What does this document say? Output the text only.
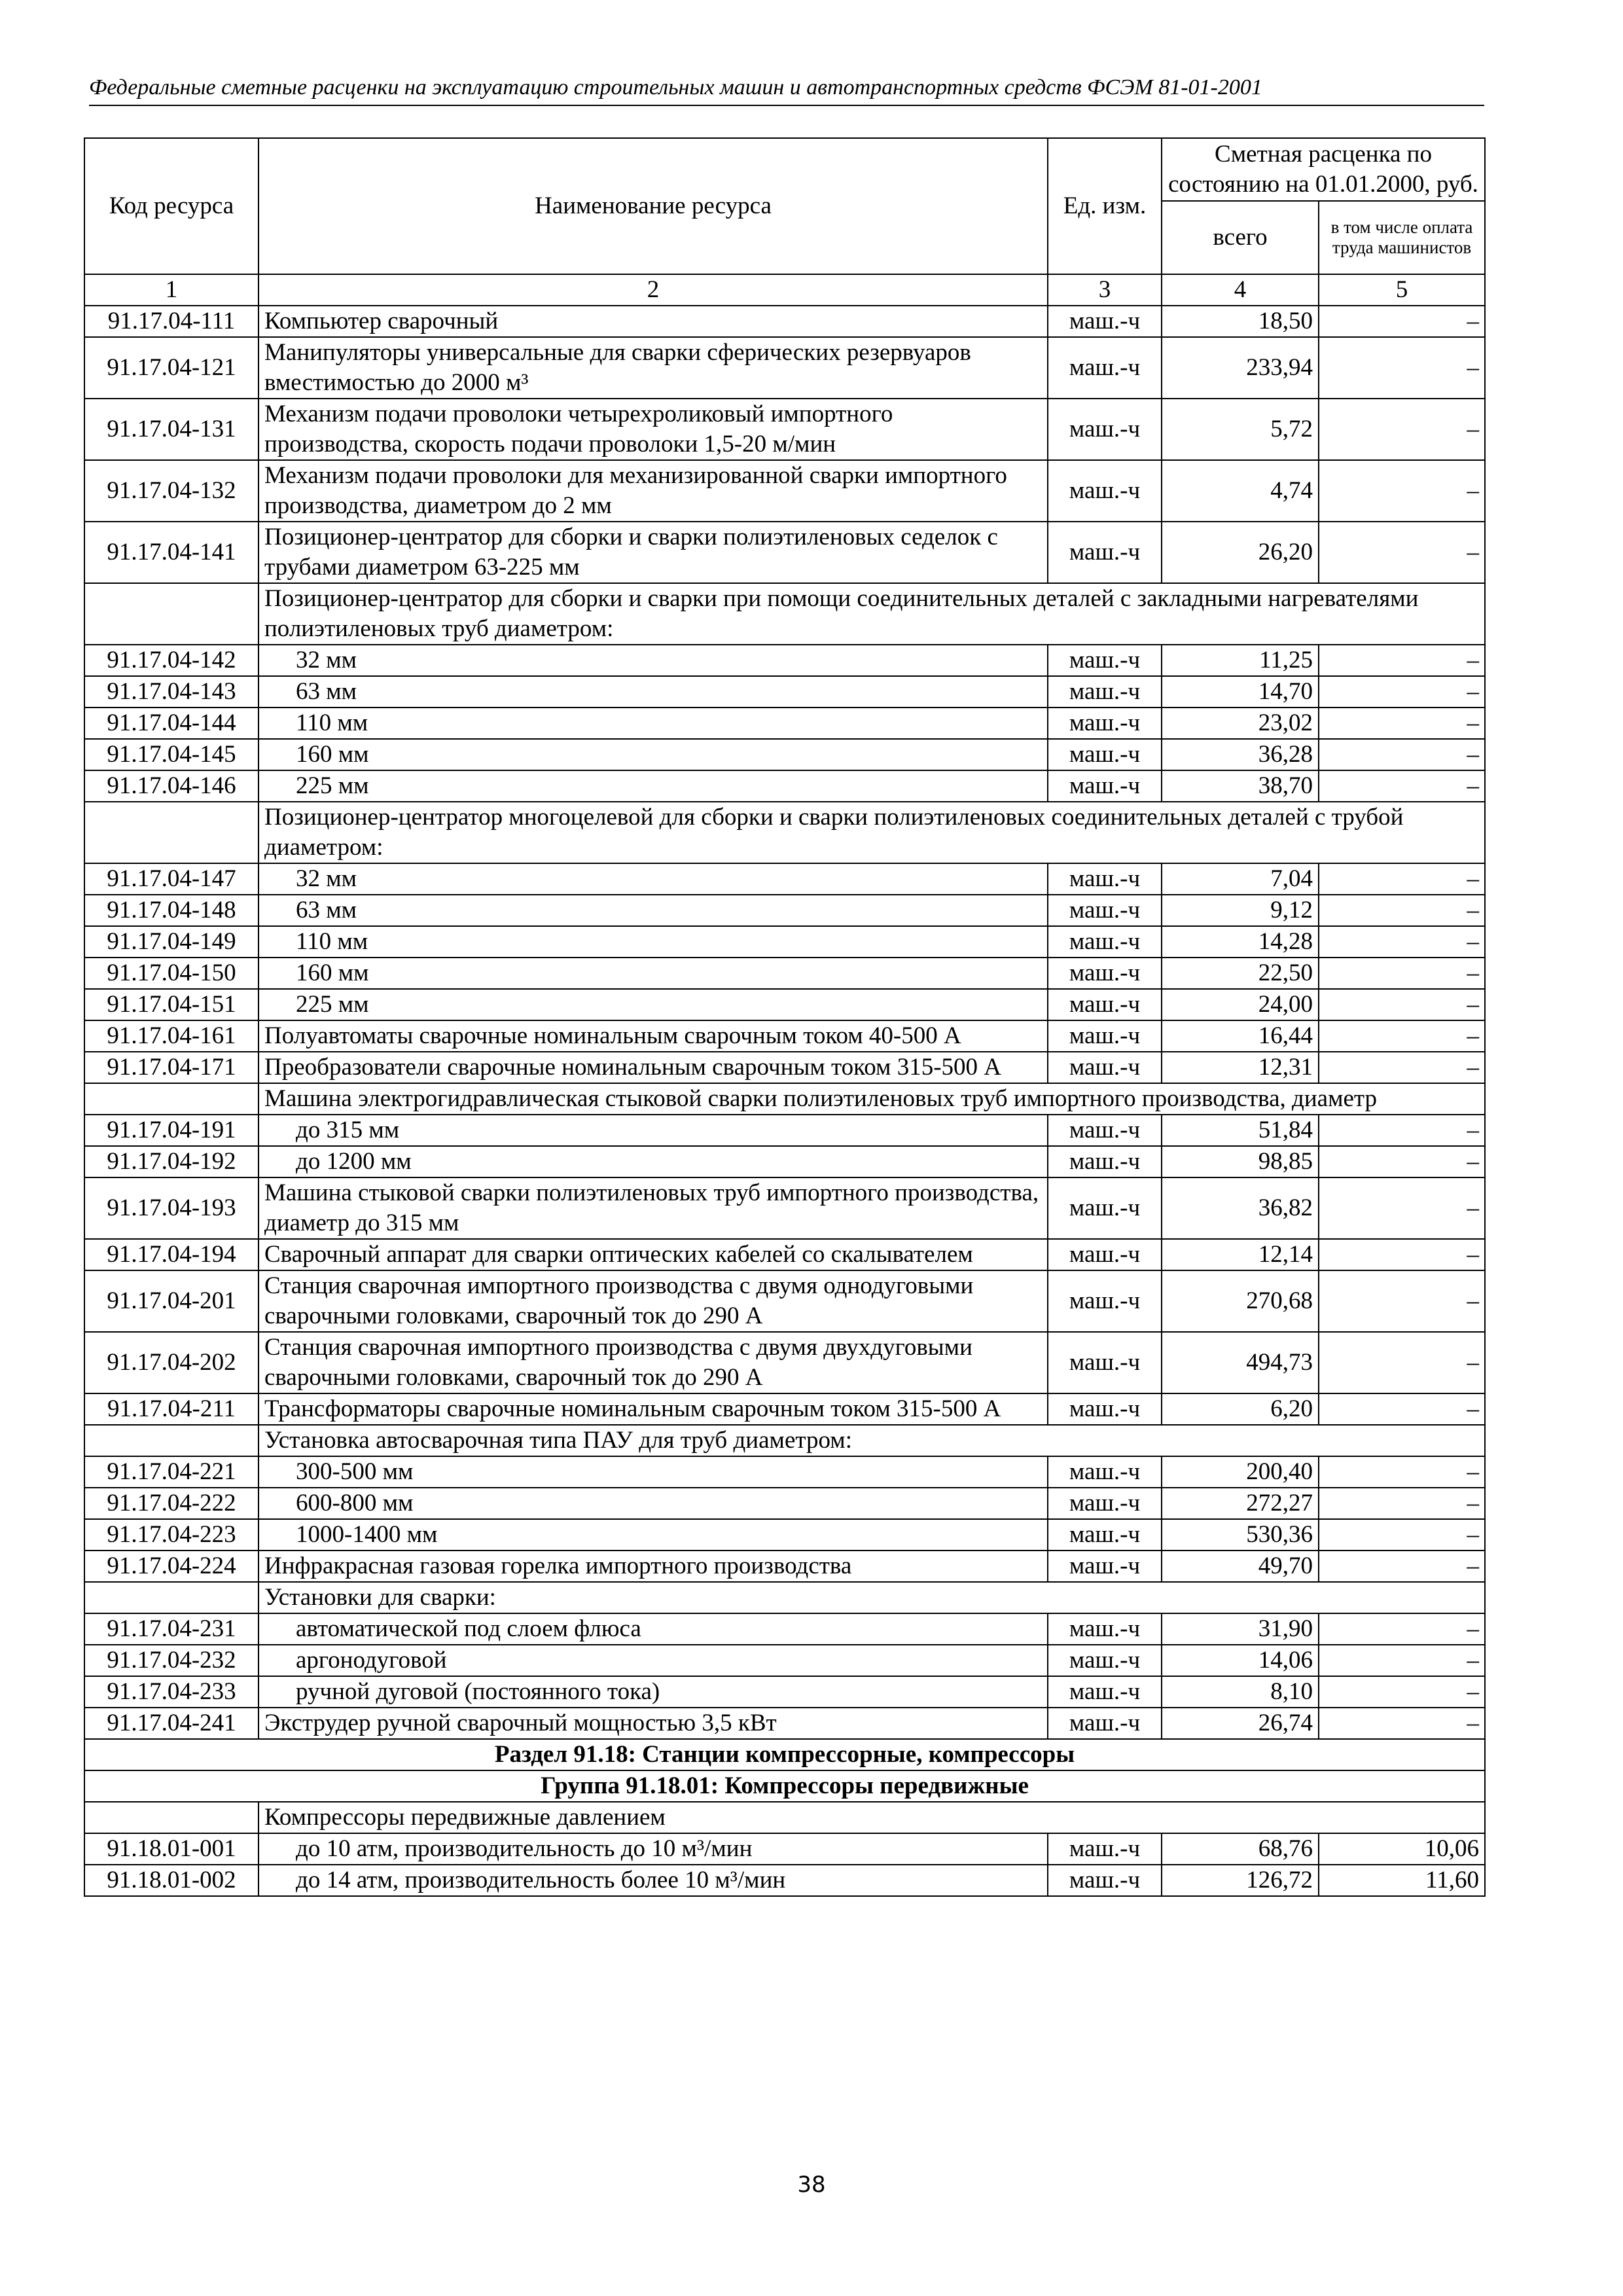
Федеральные сметные расценки на эксплуатацию строительных машин и автотранспортных средств ФСЭМ 81-01-2001
Код ресурса	Наименование ресурса	Ед. изм.	Сметная расценка по состоянию на 01.01.2000, руб.	
			всего	в том числе оплата труда машинистов
1	2	3	4	5
91.17.04-111	Компьютер сварочный	маш.-ч	18,50	–
91.17.04-121	Манипуляторы универсальные для сварки сферических резервуаров вместимостью до 2000 м³	маш.-ч	233,94	–
91.17.04-131	Механизм подачи проволоки четырехроликовый импортного производства, скорость подачи проволоки 1,5-20 м/мин	маш.-ч	5,72	–
91.17.04-132	Механизм подачи проволоки для механизированной сварки импортного производства, диаметром до 2 мм	маш.-ч	4,74	–
91.17.04-141	Позиционер-центратор для сборки и сварки полиэтиленовых седелок с трубами диаметром 63-225 мм	маш.-ч	26,20	–
	Позиционер-центратор для сборки и сварки при помощи соединительных деталей с закладными нагревателями полиэтиленовых труб диаметром:			
91.17.04-142	32 мм	маш.-ч	11,25	–
91.17.04-143	63 мм	маш.-ч	14,70	–
91.17.04-144	110 мм	маш.-ч	23,02	–
91.17.04-145	160 мм	маш.-ч	36,28	–
91.17.04-146	225 мм	маш.-ч	38,70	–
	Позиционер-центратор многоцелевой для сборки и сварки полиэтиленовых соединительных деталей с трубой диаметром:			
91.17.04-147	32 мм	маш.-ч	7,04	–
91.17.04-148	63 мм	маш.-ч	9,12	–
91.17.04-149	110 мм	маш.-ч	14,28	–
91.17.04-150	160 мм	маш.-ч	22,50	–
91.17.04-151	225 мм	маш.-ч	24,00	–
91.17.04-161	Полуавтоматы сварочные номинальным сварочным током 40-500 А	маш.-ч	16,44	–
91.17.04-171	Преобразователи сварочные номинальным сварочным током 315-500 А	маш.-ч	12,31	–
	Машина электрогидравлическая стыковой сварки полиэтиленовых труб импортного производства, диаметр			
91.17.04-191	до 315 мм	маш.-ч	51,84	–
91.17.04-192	до 1200 мм	маш.-ч	98,85	–
91.17.04-193	Машина стыковой сварки полиэтиленовых труб импортного производства, диаметр до 315 мм	маш.-ч	36,82	–
91.17.04-194	Сварочный аппарат для сварки оптических кабелей со скалывателем	маш.-ч	12,14	–
91.17.04-201	Станция сварочная импортного производства с двумя однодуговыми сварочными головками, сварочный ток до 290 А	маш.-ч	270,68	–
91.17.04-202	Станция сварочная импортного производства с двумя двухдуговыми сварочными головками, сварочный ток до 290 А	маш.-ч	494,73	–
91.17.04-211	Трансформаторы сварочные номинальным сварочным током 315-500 А	маш.-ч	6,20	–
	Установка автосварочная типа ПАУ для труб диаметром:			
91.17.04-221	300-500 мм	маш.-ч	200,40	–
91.17.04-222	600-800 мм	маш.-ч	272,27	–
91.17.04-223	1000-1400 мм	маш.-ч	530,36	–
91.17.04-224	Инфракрасная газовая горелка импортного производства	маш.-ч	49,70	–
	Установки для сварки:			
91.17.04-231	автоматической под слоем флюса	маш.-ч	31,90	–
91.17.04-232	аргонодуговой	маш.-ч	14,06	–
91.17.04-233	ручной дуговой (постоянного тока)	маш.-ч	8,10	–
91.17.04-241	Экструдер ручной сварочный мощностью 3,5 кВт	маш.-ч	26,74	–
Раздел 91.18: Станции компрессорные, компрессоры				
Группа 91.18.01: Компрессоры передвижные				
	Компрессоры передвижные давлением			
91.18.01-001	до 10 атм, производительность до 10 м³/мин	маш.-ч	68,76	10,06
91.18.01-002	до 14 атм, производительность более 10 м³/мин	маш.-ч	126,72	11,60
38
